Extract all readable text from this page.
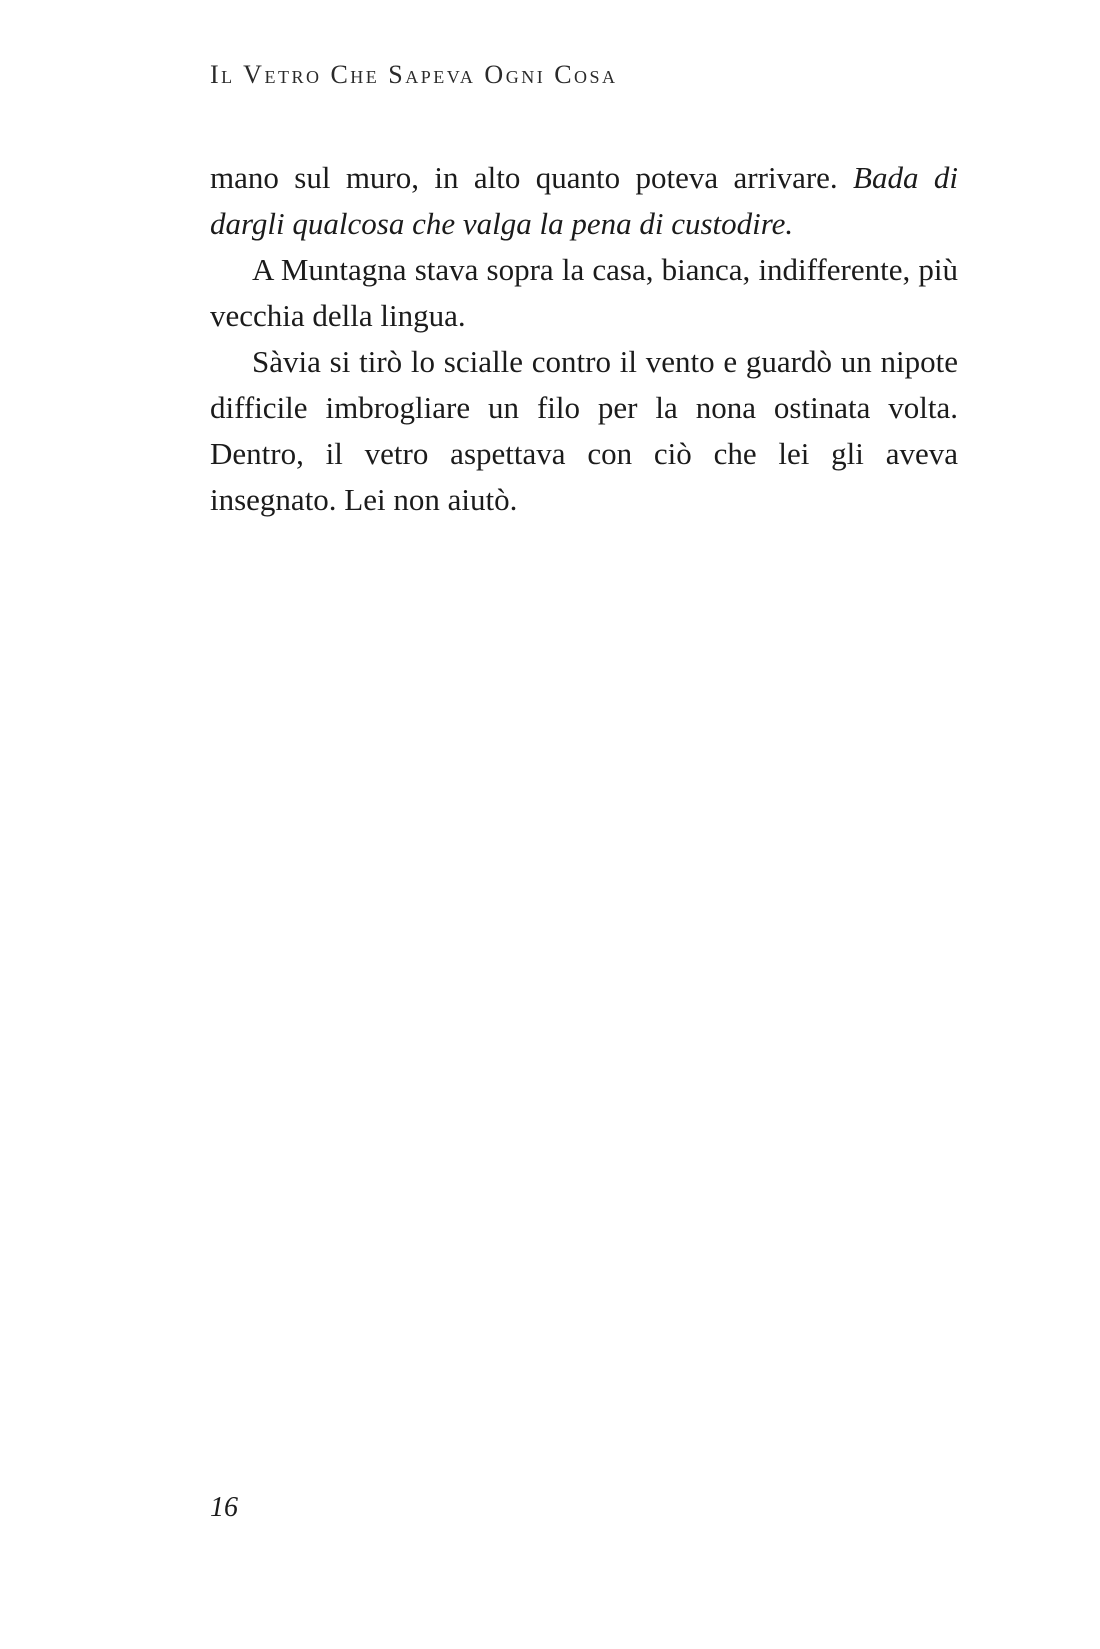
Il Vetro Che Sapeva Ogni Cosa

mano sul muro, in alto quanto poteva arrivare. Bada di dargli qualcosa che valga la pena di custodire.

A Muntagna stava sopra la casa, bianca, indifferente, più vecchia della lingua.

Sàvia si tirò lo scialle contro il vento e guardò un nipote difficile imbrogliare un filo per la nona ostinata volta. Dentro, il vetro aspettava con ciò che lei gli aveva insegnato. Lei non aiutò.

16
